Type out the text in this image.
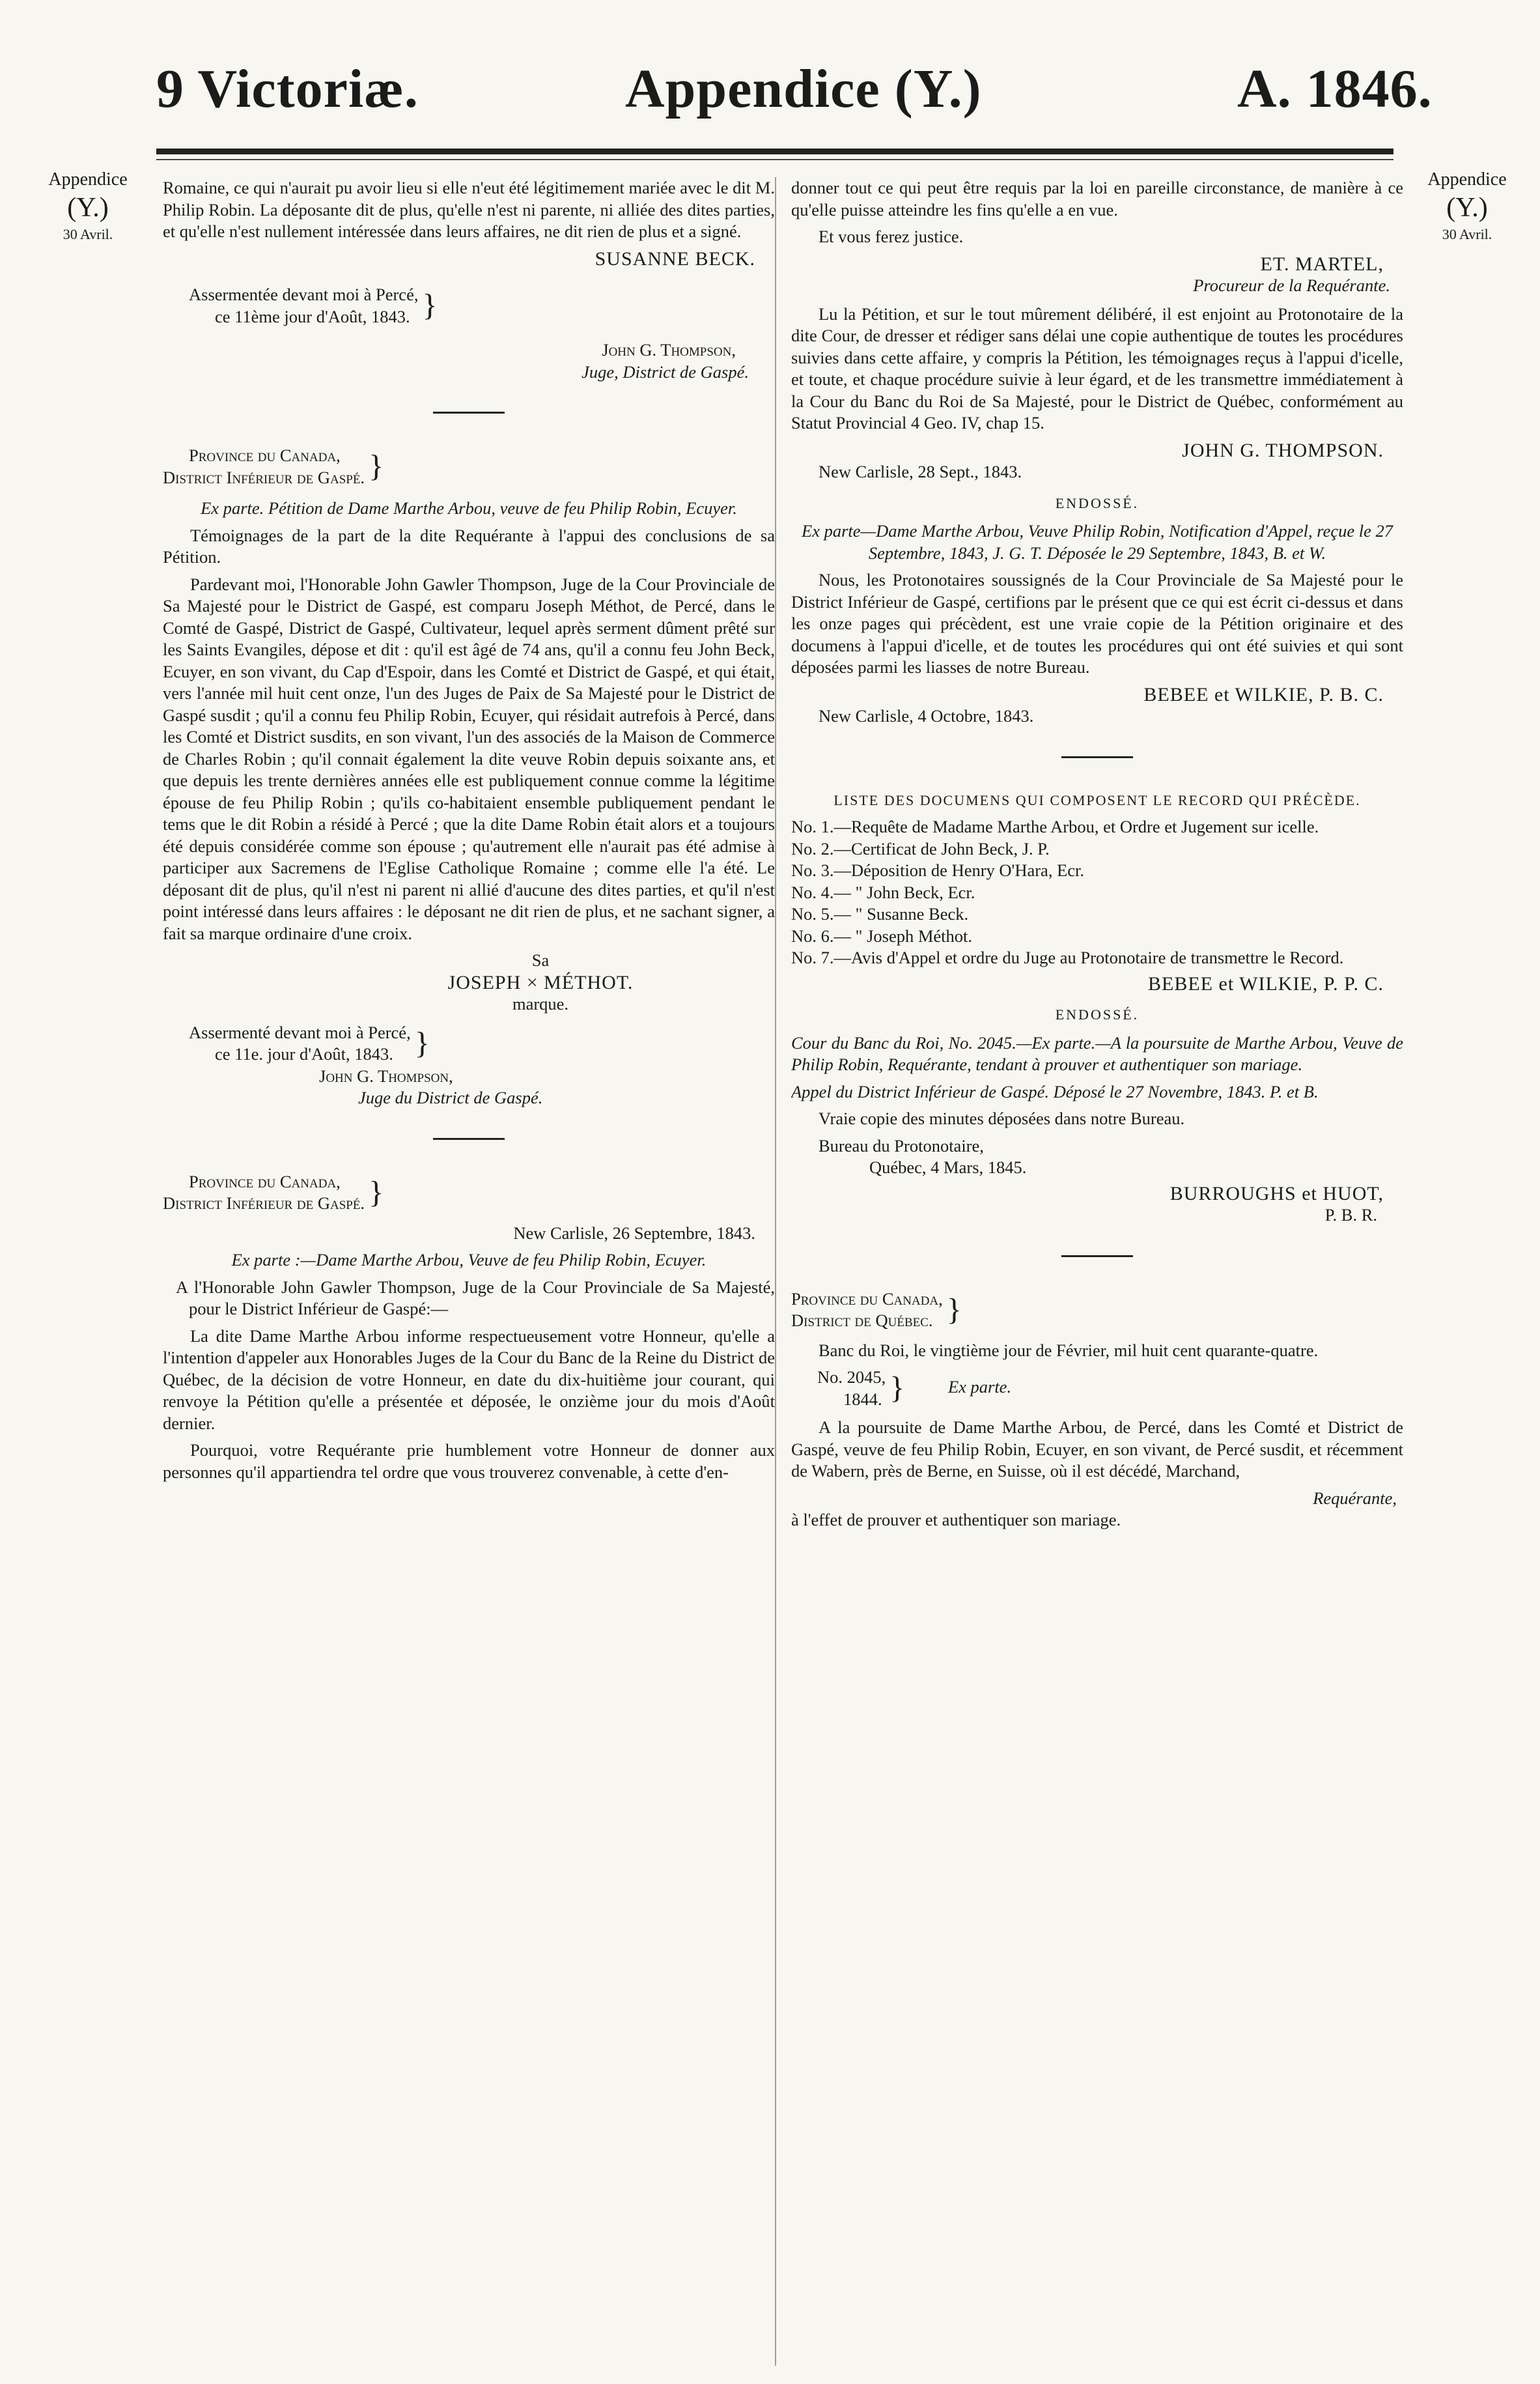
9 Victoriæ.	Appendice (Y.)	A. 1846.
Appendice
(Y.)
30 Avril.
Appendice
(Y.)
30 Avril.

Romaine, ce qui n'aurait pu avoir lieu si elle n'eut été légitimement mariée avec le dit M. Philip Robin. La déposante dit de plus, qu'elle n'est ni parente, ni alliée des dites parties, et qu'elle n'est nullement intéressée dans leurs affaires, ne dit rien de plus et a signé.

SUSANNE BECK.
Assermentée devant moi à Percé,
ce 11ème jour d'Août, 1843. }
John G. Thompson,
Juge, District de Gaspé.
Province du Canada,
District Inférieur de Gaspé. }

Ex parte. Pétition de Dame Marthe Arbou, veuve de feu Philip Robin, Ecuyer.

Témoignages de la part de la dite Requérante à l'appui des conclusions de sa Pétition.

Pardevant moi, l'Honorable John Gawler Thompson, Juge de la Cour Provinciale de Sa Majesté pour le District de Gaspé, est comparu Joseph Méthot, de Percé, dans le Comté de Gaspé, District de Gaspé, Cultivateur, lequel après serment dûment prêté sur les Saints Evangiles, dépose et dit : qu'il est âgé de 74 ans, qu'il a connu feu John Beck, Ecuyer, en son vivant, du Cap d'Espoir, dans les Comté et District de Gaspé, et qui était, vers l'année mil huit cent onze, l'un des Juges de Paix de Sa Majesté pour le District de Gaspé susdit ; qu'il a connu feu Philip Robin, Ecuyer, qui résidait autrefois à Percé, dans les Comté et District susdits, en son vivant, l'un des associés de la Maison de Commerce de Charles Robin ; qu'il connait également la dite veuve Robin depuis soixante ans, et que depuis les trente dernières années elle est publiquement connue comme la légitime épouse de feu Philip Robin ; qu'ils co-habitaient ensemble publiquement pendant le tems que le dit Robin a résidé à Percé ; que la dite Dame Robin était alors et a toujours été depuis considérée comme son épouse ; qu'autrement elle n'aurait pas été admise à participer aux Sacremens de l'Eglise Catholique Romaine ; comme elle l'a été. Le déposant dit de plus, qu'il n'est ni parent ni allié d'aucune des dites parties, et qu'il n'est point intéressé dans leurs affaires : le déposant ne dit rien de plus, et ne sachant signer, a fait sa marque ordinaire d'une croix.

Sa
JOSEPH × MÉTHOT.
marque.
Assermenté devant moi à Percé,
ce 11e. jour d'Août, 1843. }
John G. Thompson,
Juge du District de Gaspé.
Province du Canada,
District Inférieur de Gaspé. }

New Carlisle, 26 Septembre, 1843.

Ex parte :—Dame Marthe Arbou, Veuve de feu Philip Robin, Ecuyer.

A l'Honorable John Gawler Thompson, Juge de la Cour Provinciale de Sa Majesté, pour le District Inférieur de Gaspé:—

La dite Dame Marthe Arbou informe respectueusement votre Honneur, qu'elle a l'intention d'appeler aux Honorables Juges de la Cour du Banc de la Reine du District de Québec, de la décision de votre Honneur, en date du dix-huitième jour courant, qui renvoye la Pétition qu'elle a présentée et déposée, le onzième jour du mois d'Août dernier.

Pourquoi, votre Requérante prie humblement votre Honneur de donner aux personnes qu'il appartiendra tel ordre que vous trouverez convenable, à cette d'en-

donner tout ce qui peut être requis par la loi en pareille circonstance, de manière à ce qu'elle puisse atteindre les fins qu'elle a en vue.

Et vous ferez justice.

ET. MARTEL,
Procureur de la Requérante.

Lu la Pétition, et sur le tout mûrement délibéré, il est enjoint au Protonotaire de la dite Cour, de dresser et rédiger sans délai une copie authentique de toutes les procédures suivies dans cette affaire, y compris la Pétition, les témoignages reçus à l'appui d'icelle, et toute, et chaque procédure suivie à leur égard, et de les transmettre immédiatement à la Cour du Banc du Roi de Sa Majesté, pour le District de Québec, conformément au Statut Provincial 4 Geo. IV, chap 15.

JOHN G. THOMPSON.

New Carlisle, 28 Sept., 1843.

ENDOSSÉ.

Ex parte—Dame Marthe Arbou, Veuve Philip Robin, Notification d'Appel, reçue le 27 Septembre, 1843, J. G. T. Déposée le 29 Septembre, 1843, B. et W.

Nous, les Protonotaires soussignés de la Cour Provinciale de Sa Majesté pour le District Inférieur de Gaspé, certifions par le présent que ce qui est écrit ci-dessus et dans les onze pages qui précèdent, est une vraie copie de la Pétition originaire et des documens à l'appui d'icelle, et de toutes les procédures qui ont été suivies et qui sont déposées parmi les liasses de notre Bureau.

BEBEE et WILKIE, P. B. C.

New Carlisle, 4 Octobre, 1843.

LISTE DES DOCUMENS QUI COMPOSENT LE RECORD QUI PRÉCÈDE.

No. 1.—Requête de Madame Marthe Arbou, et Ordre et Jugement sur icelle.

No. 2.—Certificat de John Beck, J. P.

No. 3.—Déposition de Henry O'Hara, Ecr.

No. 4.— " John Beck, Ecr.

No. 5.— " Susanne Beck.

No. 6.— " Joseph Méthot.

No. 7.—Avis d'Appel et ordre du Juge au Protonotaire de transmettre le Record.

BEBEE et WILKIE, P. P. C.
ENDOSSÉ.

Cour du Banc du Roi, No. 2045.—Ex parte.—A la poursuite de Marthe Arbou, Veuve de Philip Robin, Requérante, tendant à prouver et authentiquer son mariage.

Appel du District Inférieur de Gaspé. Déposé le 27 Novembre, 1843. P. et B.

Vraie copie des minutes déposées dans notre Bureau.

Bureau du Protonotaire,
Québec, 4 Mars, 1845.
BURROUGHS et HUOT,
P. B. R.
Province du Canada,
District de Québec. }

Banc du Roi, le vingtième jour de Février, mil huit cent quarante-quatre.

No. 2045,
1844. }	Ex parte.

A la poursuite de Dame Marthe Arbou, de Percé, dans les Comté et District de Gaspé, veuve de feu Philip Robin, Ecuyer, en son vivant, de Percé susdit, et récemment de Wabern, près de Berne, en Suisse, où il est décédé, Marchand,

Requérante,

à l'effet de prouver et authentiquer son mariage.
